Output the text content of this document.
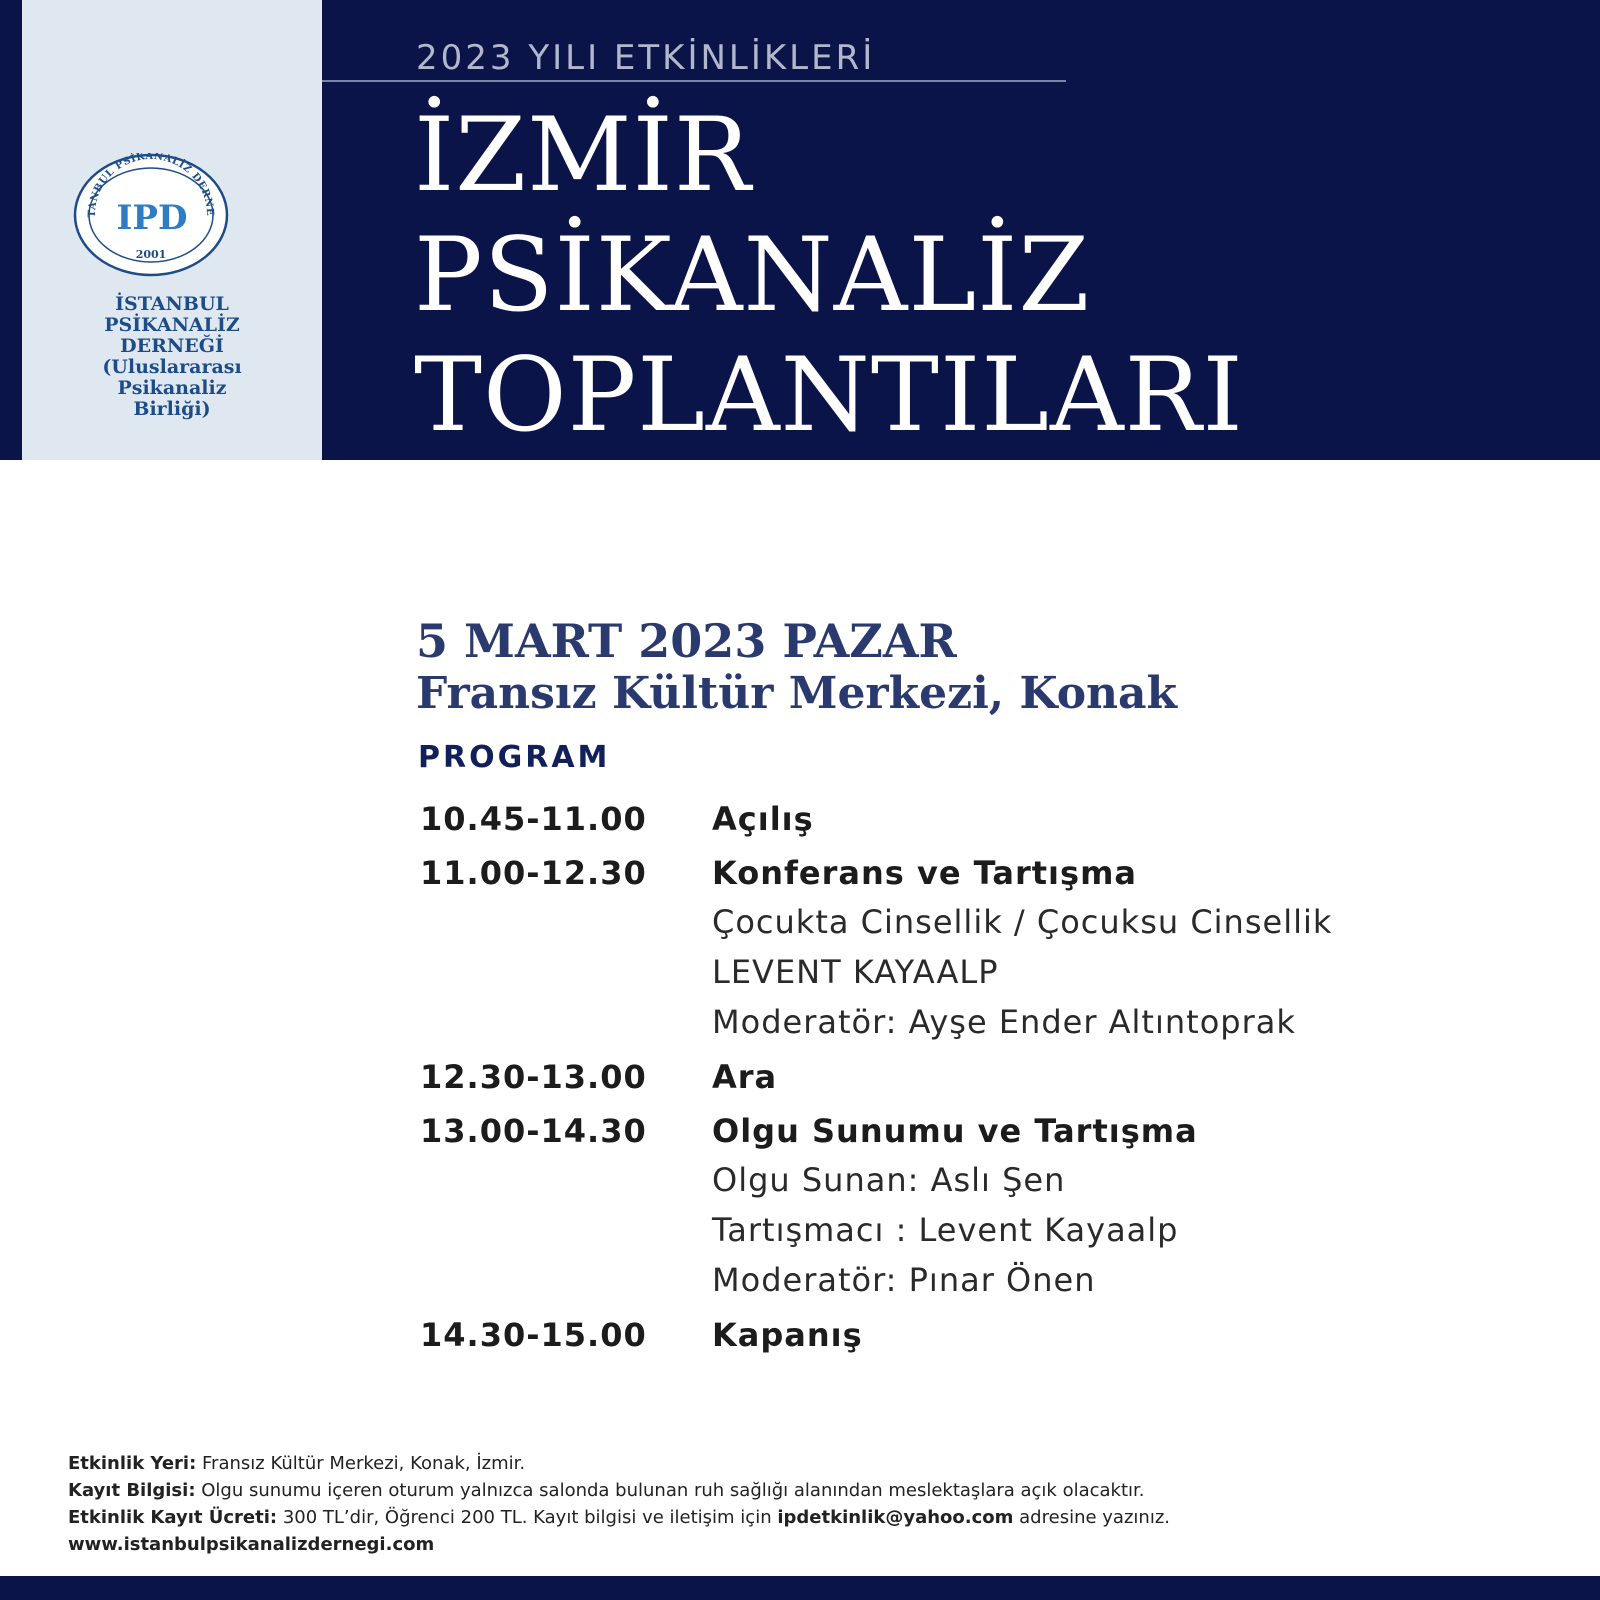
TANBUL PSİKANALİZ DERNE
IPD
2001
İSTANBUL
PSİKANALİZ
DERNEĞİ
(Uluslararası
Psikanaliz
Birliği)
2023 YILI ETKİNLİKLERİ
İZMİR
PSİKANALİZ
TOPLANTILARI
5 MART 2023 PAZAR
Fransız Kültür Merkezi, Konak
PROGRAM
10.45-11.00 Açılış
11.00-12.30 Konferans ve Tartışma
Çocukta Cinsellik / Çocuksu Cinsellik
LEVENT KAYAALP
Moderatör: Ayşe Ender Altıntoprak
12.30-13.00 Ara
13.00-14.30 Olgu Sunumu ve Tartışma
Olgu Sunan: Aslı Şen
Tartışmacı : Levent Kayaalp
Moderatör: Pınar Önen
14.30-15.00 Kapanış
Etkinlik Yeri: Fransız Kültür Merkezi, Konak, İzmir.
Kayıt Bilgisi: Olgu sunumu içeren oturum yalnızca salonda bulunan ruh sağlığı alanından meslektaşlara açık olacaktır.
Etkinlik Kayıt Ücreti: 300 TL’dir, Öğrenci 200 TL. Kayıt bilgisi ve iletişim için ipdetkinlik@yahoo.com adresine yazınız.
www.istanbulpsikanalizdernegi.com
